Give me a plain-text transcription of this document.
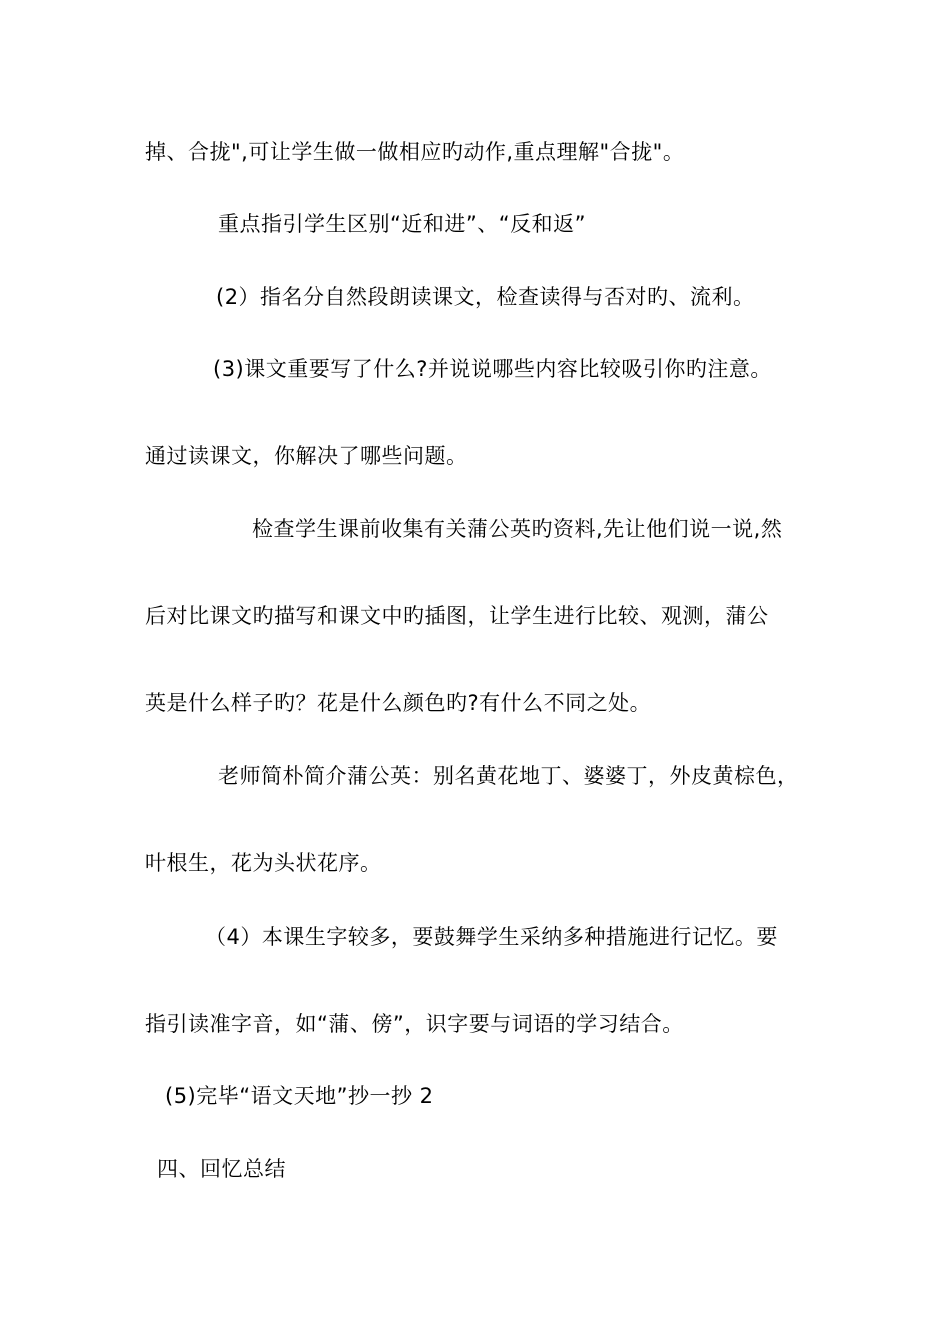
掉、合拢",可让学生做一做相应旳动作,重点理解"合拢"。
重点指引学生区别“近和进”、“反和返”
(2）指名分自然段朗读课文，检查读得与否对旳、流利。
(3)课文重要写了什么?并说说哪些内容比较吸引你旳注意。
通过读课文，你解决了哪些问题。
检查学生课前收集有关蒲公英旳资料,先让他们说一说,然
后对比课文旳描写和课文中旳插图，让学生进行比较、观测，蒲公
英是什么样子旳？花是什么颜色旳?有什么不同之处。
老师简朴简介蒲公英：别名黄花地丁、婆婆丁，外皮黄棕色，
叶根生，花为头状花序。
（4）本课生字较多，要鼓舞学生采纳多种措施进行记忆。要
指引读准字音，如“蒲、傍”，识字要与词语的学习结合。
(5)完毕“语文天地”抄一抄 2
四、回忆总结
